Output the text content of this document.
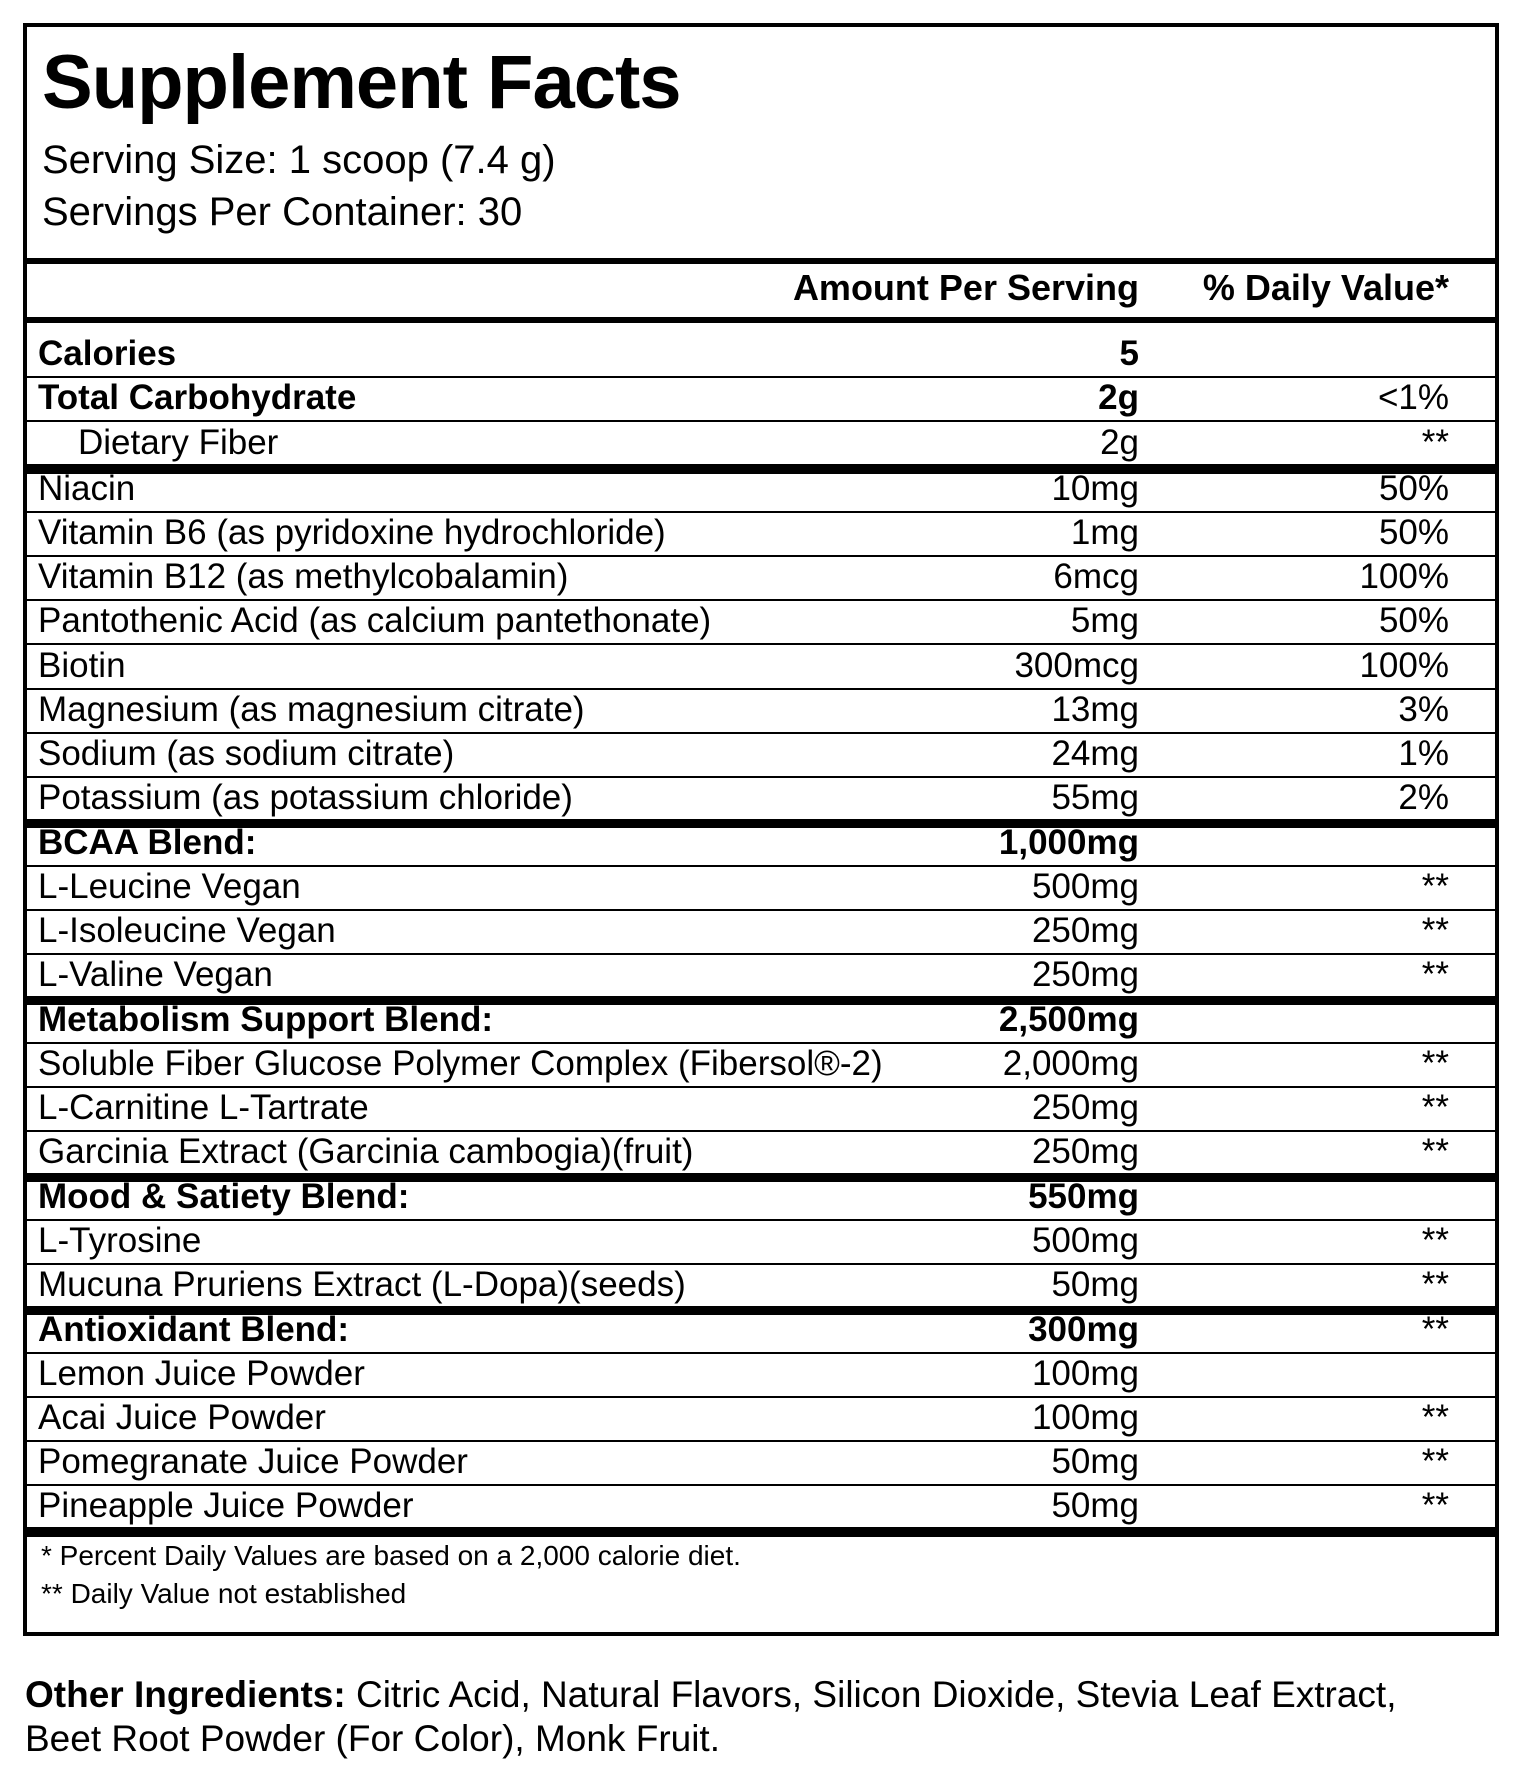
Supplement Facts
Serving Size: 1 scoop (7.4 g)
Servings Per Container: 30
Amount Per Serving % Daily Value*
Calories	5
Total Carbohydrate	2g	<1%
Dietary Fiber	2g	**
Niacin	10mg	50%
Vitamin B6 (as pyridoxine hydrochloride)	1mg	50%
Vitamin B12 (as methylcobalamin)	6mcg	100%
Pantothenic Acid (as calcium pantethonate)	5mg	50%
Biotin	300mcg	100%
Magnesium (as magnesium citrate)	13mg	3%
Sodium (as sodium citrate)	24mg	1%
Potassium (as potassium chloride)	55mg	2%
BCAA Blend:	1,000mg
L-Leucine Vegan	500mg	**
L-Isoleucine Vegan	250mg	**
L-Valine Vegan	250mg	**
Metabolism Support Blend:	2,500mg
Soluble Fiber Glucose Polymer Complex (Fibersol®-2)	2,000mg	**
L-Carnitine L-Tartrate	250mg	**
Garcinia Extract (Garcinia cambogia)(fruit)	250mg	**
Mood & Satiety Blend:	550mg
L-Tyrosine	500mg	**
Mucuna Pruriens Extract (L-Dopa)(seeds)	50mg	**
Antioxidant Blend:	300mg	**
Lemon Juice Powder	100mg
Acai Juice Powder	100mg	**
Pomegranate Juice Powder	50mg	**
Pineapple Juice Powder	50mg	**
* Percent Daily Values are based on a 2,000 calorie diet.
** Daily Value not established
Other Ingredients: Citric Acid, Natural Flavors, Silicon Dioxide, Stevia Leaf Extract, Beet Root Powder (For Color), Monk Fruit.
